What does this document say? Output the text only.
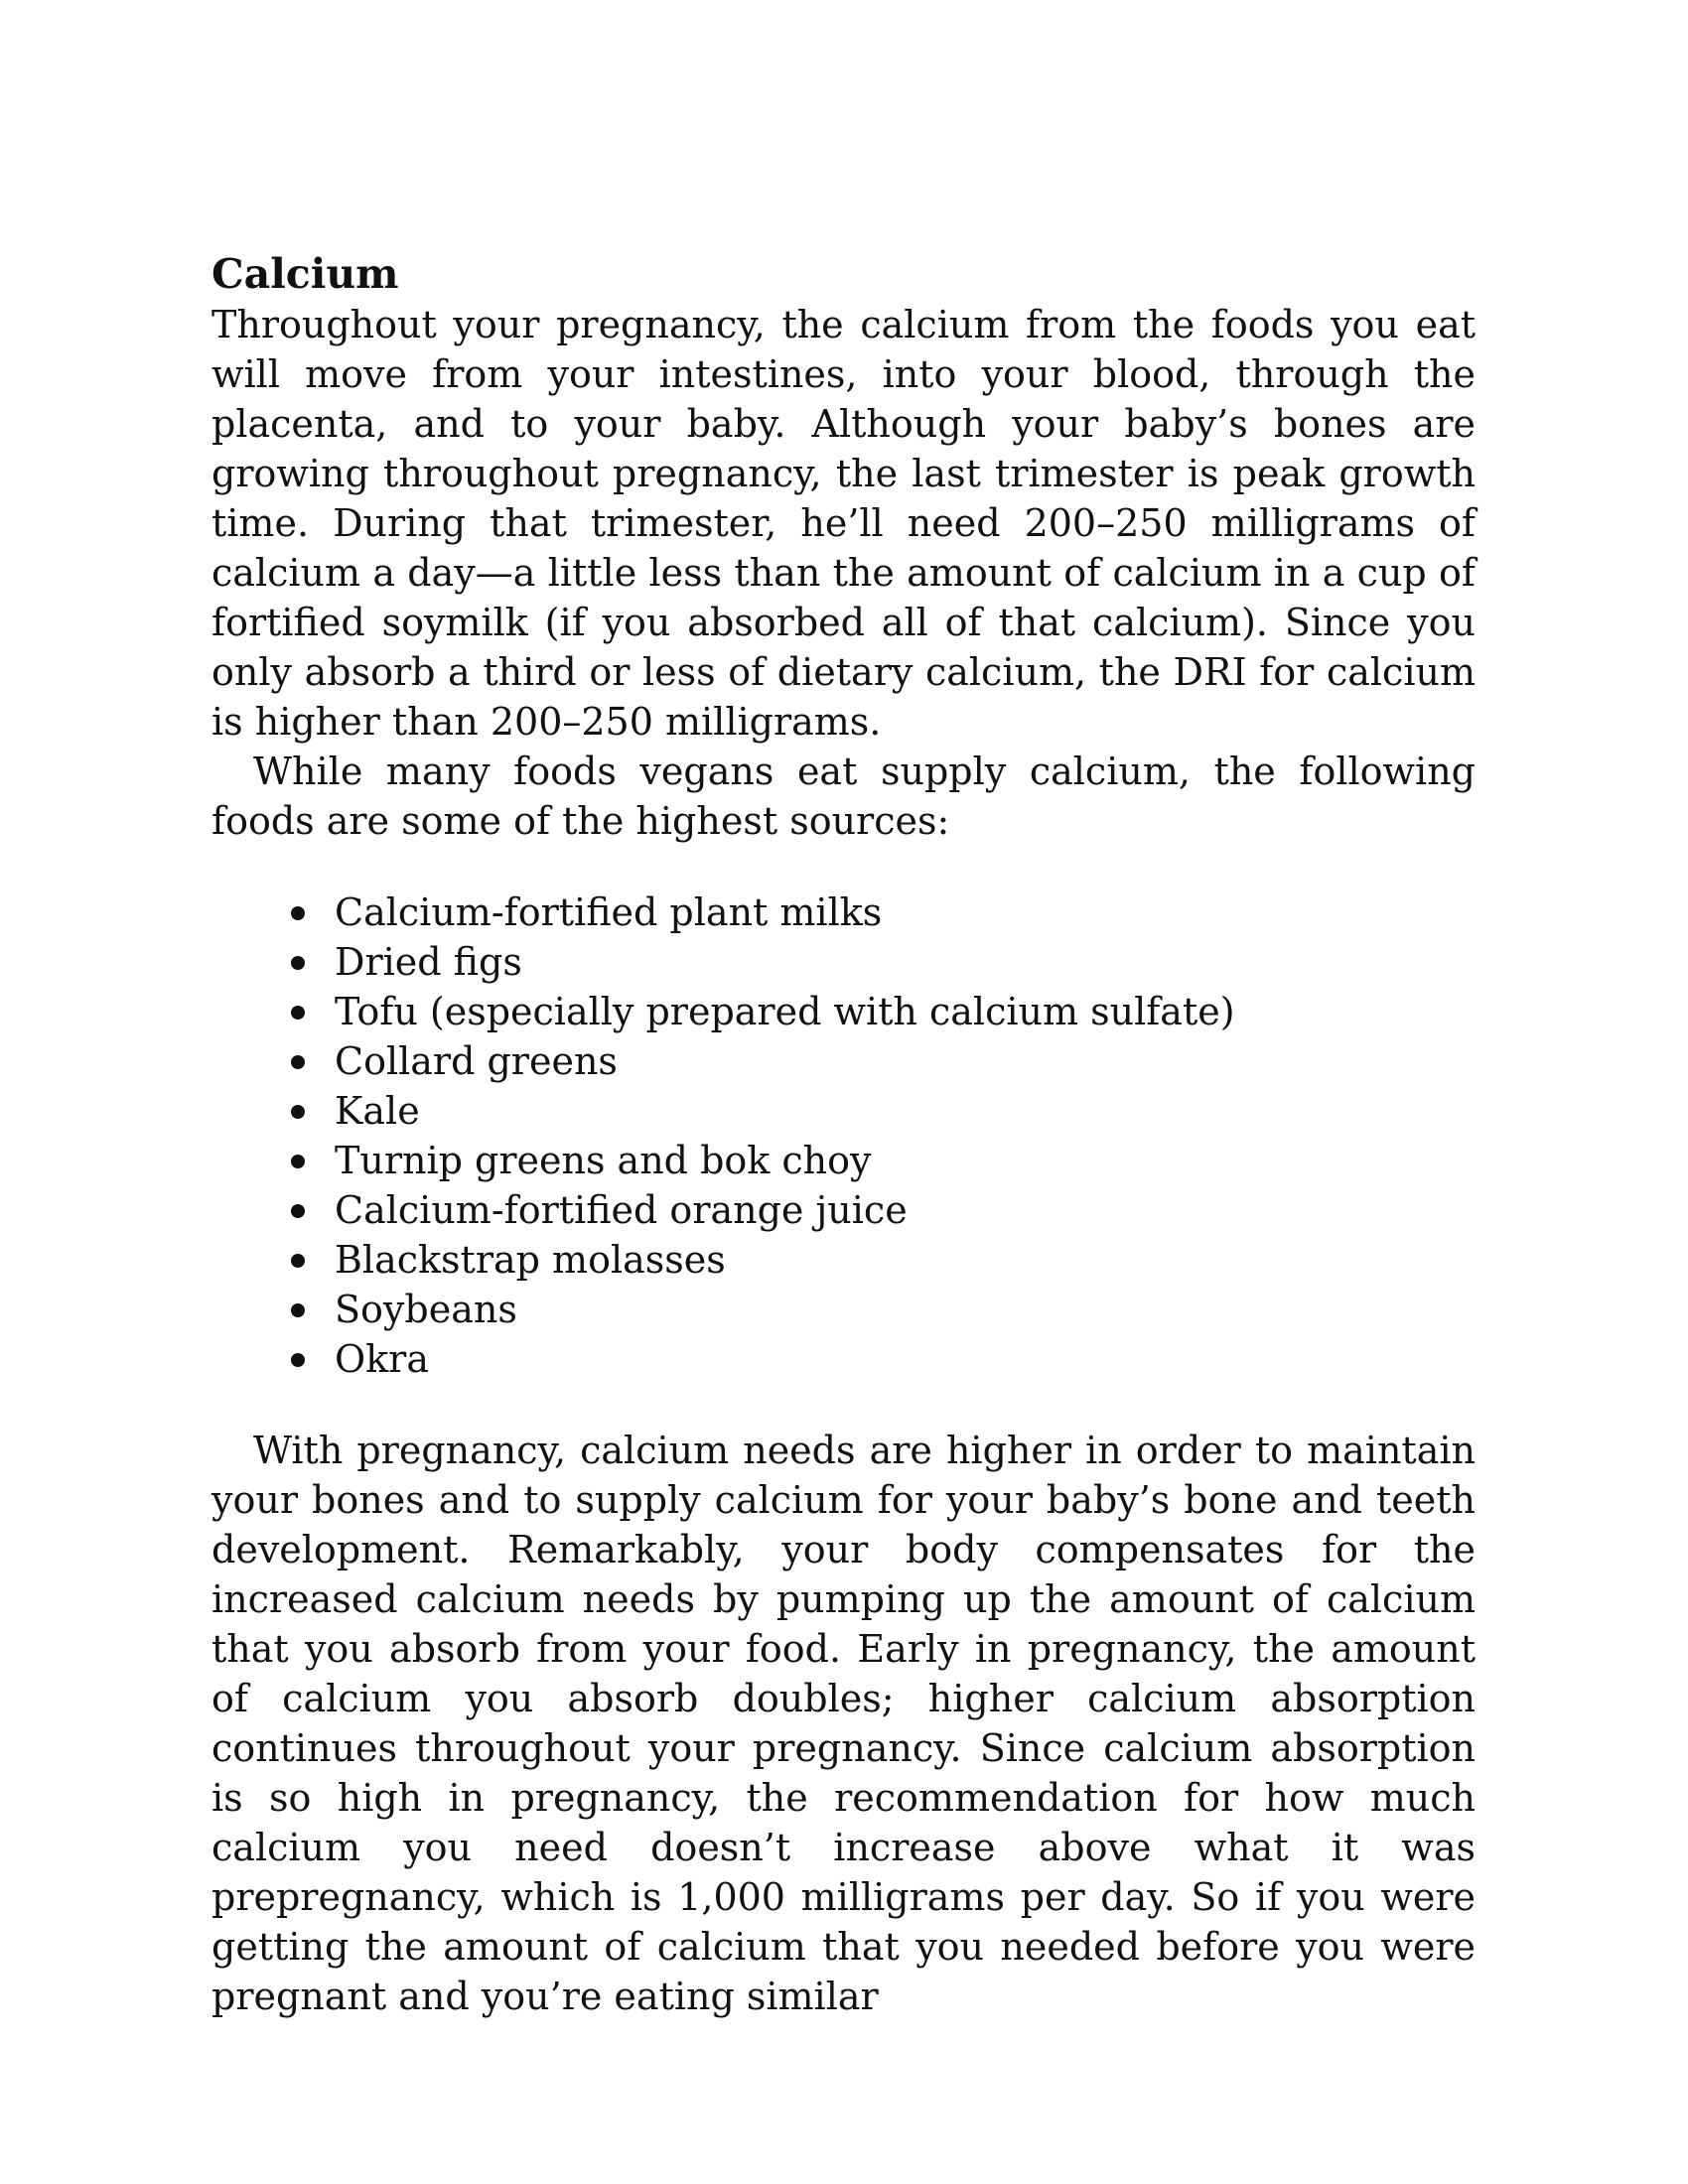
Calcium

Throughout your pregnancy, the calcium from the foods you eat will move from your intestines, into your blood, through the placenta, and to your baby. Although your baby’s bones are growing throughout pregnancy, the last trimester is peak growth time. During that trimester, he’ll need 200–250 milligrams of calcium a day—a little less than the amount of calcium in a cup of fortified soymilk (if you absorbed all of that calcium). Since you only absorb a third or less of dietary calcium, the DRI for calcium is higher than 200–250 milligrams.

While many foods vegans eat supply calcium, the following foods are some of the highest sources:

Calcium-fortified plant milks
Dried figs
Tofu (especially prepared with calcium sulfate)
Collard greens
Kale
Turnip greens and bok choy
Calcium-fortified orange juice
Blackstrap molasses
Soybeans
Okra

With pregnancy, calcium needs are higher in order to maintain your bones and to supply calcium for your baby’s bone and teeth development. Remarkably, your body compensates for the increased calcium needs by pumping up the amount of calcium that you absorb from your food. Early in pregnancy, the amount of calcium you absorb doubles; higher calcium absorption continues throughout your pregnancy. Since calcium absorption is so high in pregnancy, the recommendation for how much calcium you need doesn’t increase above what it was prepregnancy, which is 1,000 milligrams per day. So if you were getting the amount of calcium that you needed before you were pregnant and you’re eating similar
